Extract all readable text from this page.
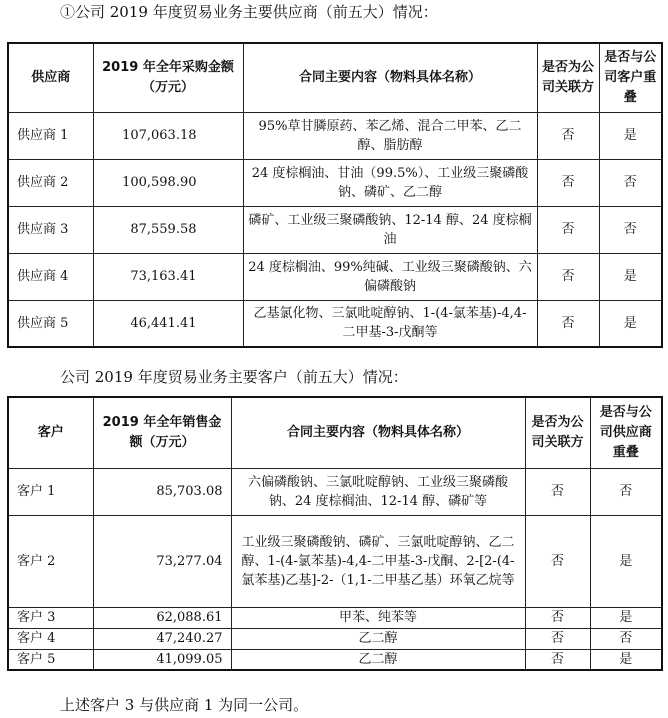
①公司 2019 年度贸易业务主要供应商（前五大）情况：
供应商	2019 年全年采购金额（万元）	合同主要内容（物料具体名称）	是否为公司关联方	是否与公司客户重叠
供应商 1	107,063.18	95%草甘膦原药、苯乙烯、混合二甲苯、乙二醇、脂肪醇	否	是
供应商 2	100,598.90	24 度棕榈油、甘油（99.5%）、工业级三聚磷酸钠、磷矿、乙二醇	否	否
供应商 3	87,559.58	磷矿、工业级三聚磷酸钠、12-14 醇、24 度棕榈油	否	否
供应商 4	73,163.41	24 度棕榈油、99%纯碱、工业级三聚磷酸钠、六偏磷酸钠	否	是
供应商 5	46,441.41	乙基氯化物、三氯吡啶醇钠、1-(4-氯苯基)-4,4-二甲基-3-戊酮等	否	是
公司 2019 年度贸易业务主要客户（前五大）情况：
客户	2019 年全年销售金额（万元）	合同主要内容（物料具体名称）	是否为公司关联方	是否与公司供应商重叠
客户 1	85,703.08	六偏磷酸钠、三氯吡啶醇钠、工业级三聚磷酸钠、24 度棕榈油、12-14 醇、磷矿等	否	否
客户 2	73,277.04	工业级三聚磷酸钠、磷矿、三氯吡啶醇钠、乙二醇、1-(4-氯苯基)-4,4-二甲基-3-戊酮、2-[2-(4-氯苯基)乙基]-2-（1,1-二甲基乙基）环氧乙烷等	否	是
客户 3	62,088.61	甲苯、纯苯等	否	是
客户 4	47,240.27	乙二醇	否	否
客户 5	41,099.05	乙二醇	否	是
上述客户 3 与供应商 1 为同一公司。
